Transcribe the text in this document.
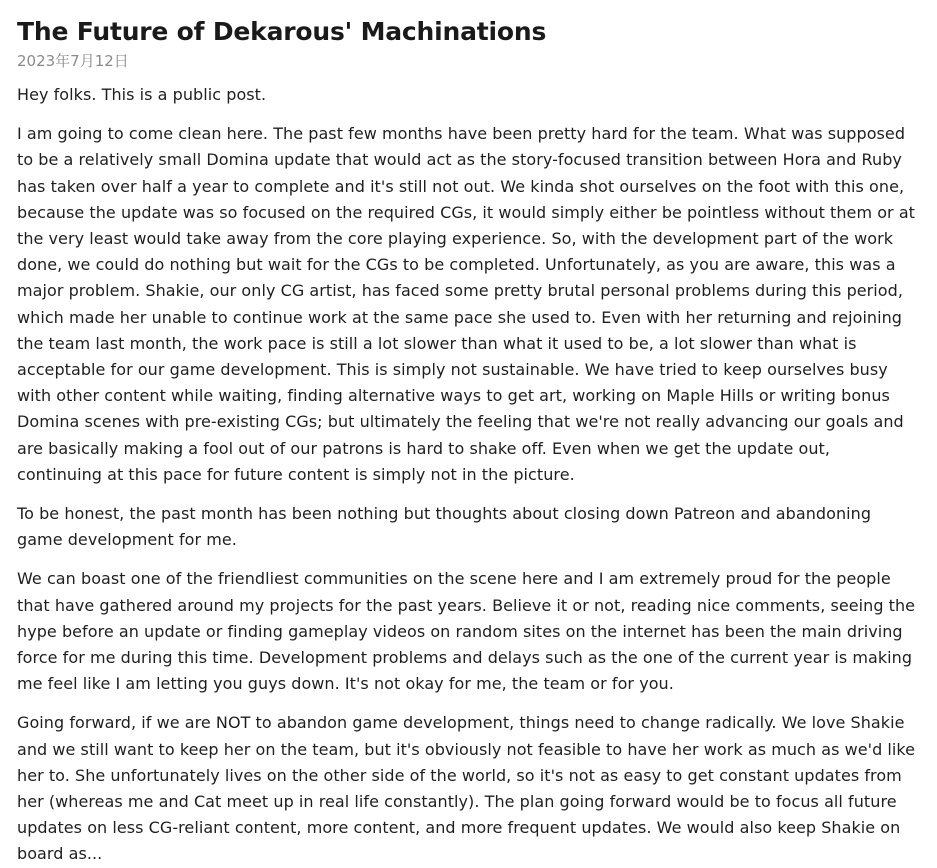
The Future of Dekarous' Machinations
2023年7月12日

Hey folks. This is a public post.

I am going to come clean here. The past few months have been pretty hard for the team. What was supposed to be a relatively small Domina update that would act as the story-focused transition between Hora and Ruby has taken over half a year to complete and it's still not out. We kinda shot ourselves on the foot with this one, because the update was so focused on the required CGs, it would simply either be pointless without them or at the very least would take away from the core playing experience. So, with the development part of the work done, we could do nothing but wait for the CGs to be completed. Unfortunately, as you are aware, this was a major problem. Shakie, our only CG artist, has faced some pretty brutal personal problems during this period, which made her unable to continue work at the same pace she used to. Even with her returning and rejoining the team last month, the work pace is still a lot slower than what it used to be, a lot slower than what is acceptable for our game development. This is simply not sustainable. We have tried to keep ourselves busy with other content while waiting, finding alternative ways to get art, working on Maple Hills or writing bonus Domina scenes with pre-existing CGs; but ultimately the feeling that we're not really advancing our goals and are basically making a fool out of our patrons is hard to shake off. Even when we get the update out, continuing at this pace for future content is simply not in the picture.

To be honest, the past month has been nothing but thoughts about closing down Patreon and abandoning game development for me.

We can boast one of the friendliest communities on the scene here and I am extremely proud for the people that have gathered around my projects for the past years. Believe it or not, reading nice comments, seeing the hype before an update or finding gameplay videos on random sites on the internet has been the main driving force for me during this time. Development problems and delays such as the one of the current year is making me feel like I am letting you guys down. It's not okay for me, the team or for you.

Going forward, if we are NOT to abandon game development, things need to change radically. We love Shakie and we still want to keep her on the team, but it's obviously not feasible to have her work as much as we'd like her to. She unfortunately lives on the other side of the world, so it's not as easy to get constant updates from her (whereas me and Cat meet up in real life constantly). The plan going forward would be to focus all future updates on less CG-reliant content, more content, and more frequent updates. We would also keep Shakie on board as...
